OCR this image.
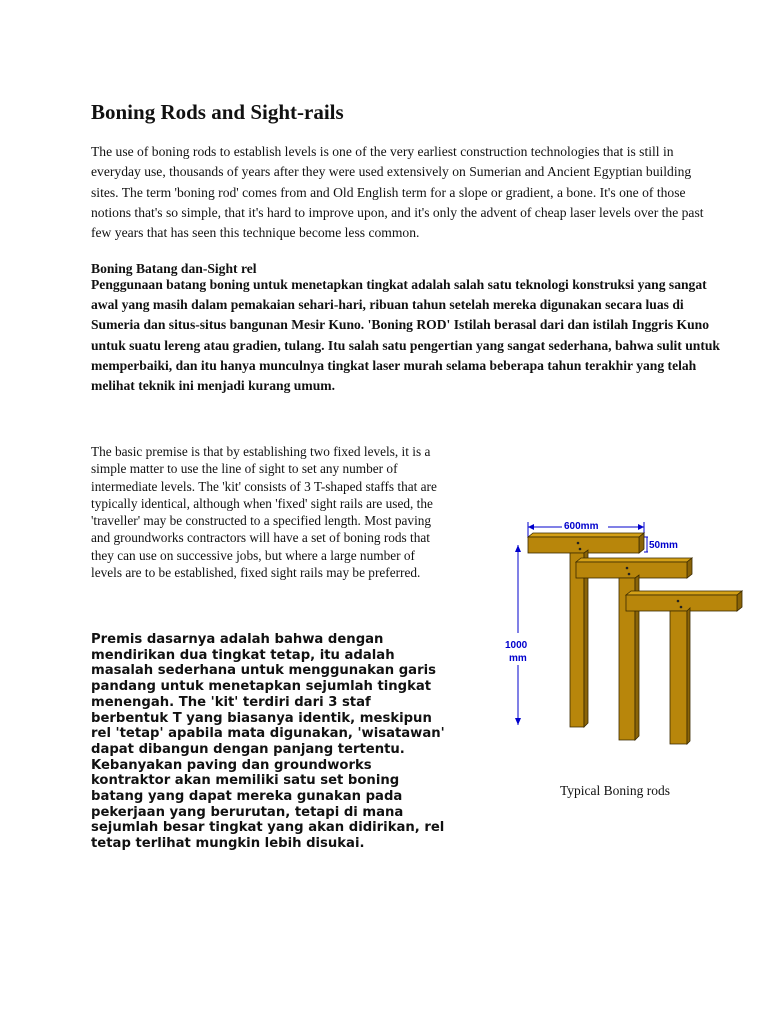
Boning Rods and Sight-rails

The use of boning rods to establish levels is one of the very earliest construction technologies that is still in everyday use, thousands of years after they were used extensively on Sumerian and Ancient Egyptian building sites. The term 'boning rod' comes from and Old English term for a slope or gradient, a bone. It's one of those notions that's so simple, that it's hard to improve upon, and it's only the advent of cheap laser levels over the past few years that has seen this technique become less common.

Boning Batang dan-Sight rel

Penggunaan batang boning untuk menetapkan tingkat adalah salah satu teknologi konstruksi yang sangat awal yang masih dalam pemakaian sehari-hari, ribuan tahun setelah mereka digunakan secara luas di Sumeria dan situs-situs bangunan Mesir Kuno. 'Boning ROD' Istilah berasal dari dan istilah Inggris Kuno untuk suatu lereng atau gradien, tulang. Itu salah satu pengertian yang sangat sederhana, bahwa sulit untuk memperbaiki, dan itu hanya munculnya tingkat laser murah selama beberapa tahun terakhir yang telah melihat teknik ini menjadi kurang umum.

The basic premise is that by establishing two fixed levels, it is a simple matter to use the line of sight to set any number of intermediate levels. The 'kit' consists of 3 T-shaped staffs that are typically identical, although when 'fixed' sight rails are used, the 'traveller' may be constructed to a specified length. Most paving and groundworks contractors will have a set of boning rods that they can use on successive jobs, but where a large number of levels are to be established, fixed sight rails may be preferred.

Premis dasarnya adalah bahwa dengan mendirikan dua tingkat tetap, itu adalah masalah sederhana untuk menggunakan garis pandang untuk menetapkan sejumlah tingkat menengah. The 'kit' terdiri dari 3 staf berbentuk T yang biasanya identik, meskipun rel 'tetap' apabila mata digunakan, 'wisatawan' dapat dibangun dengan panjang tertentu. Kebanyakan paving dan groundworks kontraktor akan memiliki satu set boning batang yang dapat mereka gunakan pada pekerjaan yang berurutan, tetapi di mana sejumlah besar tingkat yang akan didirikan, rel tetap terlihat mungkin lebih disukai.

600mm
50mm
1000
mm

Typical Boning rods
